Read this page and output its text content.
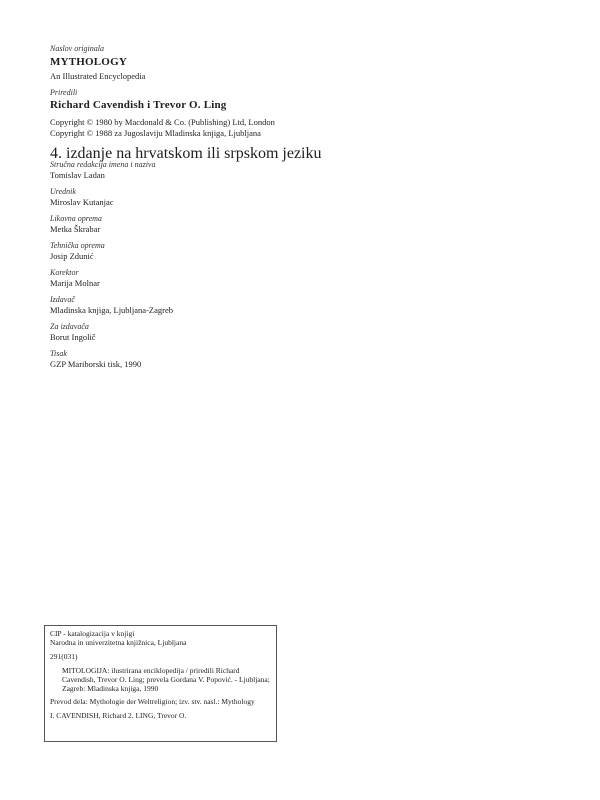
Naslov originala
MYTHOLOGY
An Illustrated Encyclopedia
Priredili
Richard Cavendish i Trevor O. Ling
Copyright © 1980 by Macdonald & Co. (Publishing) Ltd, London
Copyright © 1988 za Jugoslaviju Mladinska knjiga, Ljubljana
4. izdanje na hrvatskom ili srpskom jeziku
Stručna redakcija imena i naziva
Tomislav Ladan
Urednik
Miroslav Kutanjac
Likovna oprema
Metka Škrabar
Tehnička oprema
Josip Zdunić
Korektor
Marija Molnar
Izdavač
Mladinska knjiga, Ljubljana-Zagreb
Za izdavača
Borut Ingolič
Tisak
GZP Mariborski tisk, 1990

CIP - katalogizacija v knjigi

Narodna in univerzitetna knjižnica, Ljubljana

291(031)

MITOLOGIJA: ilustrirana enciklopedija / priredili Richard Cavendish, Trevor O. Ling; prevela Gordana V. Popović. - Ljubljana; Zagreb: Mladinska knjiga, 1990

Prevod dela: Mythologie der Weltreligion; izv. stv. nasl.: Mythology

I. CAVENDISH, Richard 2. LING, Trevor O.
